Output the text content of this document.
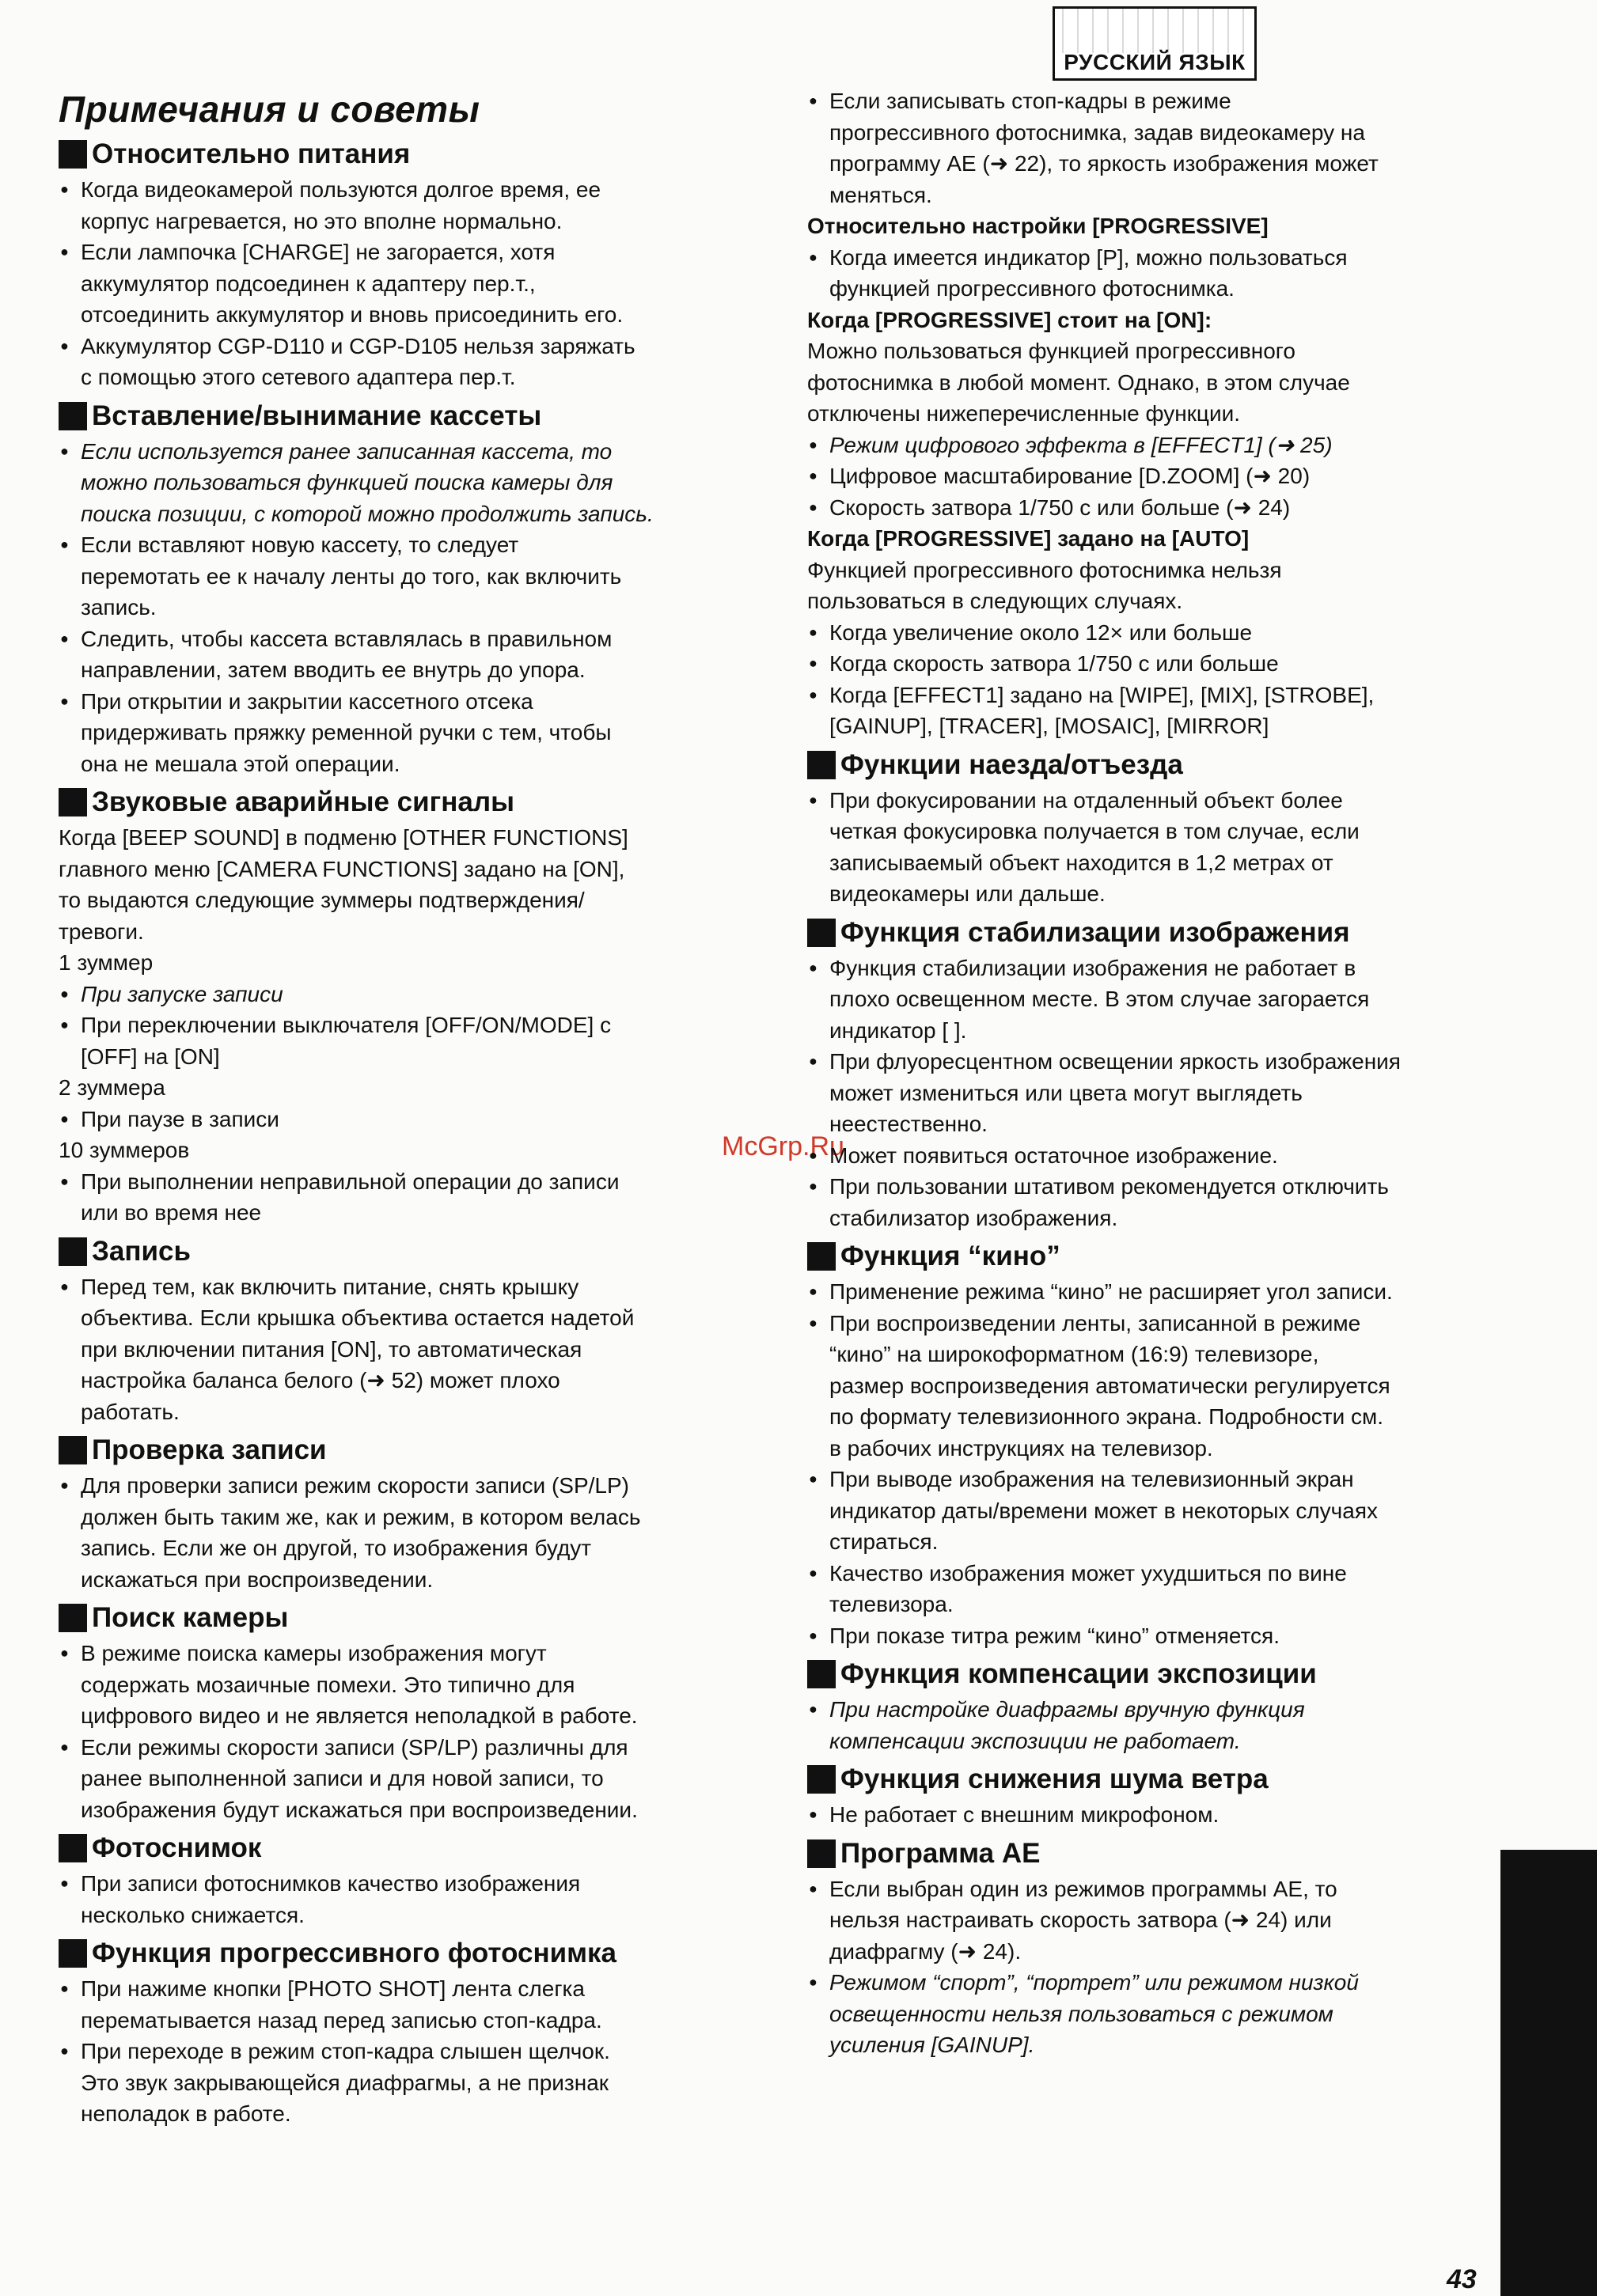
РУССКИЙ ЯЗЫК
McGrp.Ru
Примечания и советы
Относительно питания
● Когда видеокамерой пользуются долгое время, ее
корпус нагревается, но это вполне нормально.
● Если лампочка [CHARGE] не загорается, хотя
аккумулятор подсоединен к адаптеру пер.т.,
отсоединить аккумулятор и вновь присоединить его.
● Аккумулятор CGP-D110 и CGP-D105 нельзя заряжать
с помощью этого сетевого адаптера пер.т.
Вставление/вынимание кассеты
● Если используется ранее записанная кассета, то
можно пользоваться функцией поиска камеры для
поиска позиции, с которой можно продолжить запись.
● Если вставляют новую кассету, то следует
перемотать ее к началу ленты до того, как включить
запись.
● Следить, чтобы кассета вставлялась в правильном
направлении, затем вводить ее внутрь до упора.
● При открытии и закрытии кассетного отсека
придерживать пряжку ременной ручки с тем, чтобы
она не мешала этой операции.
Звуковые аварийные сигналы

Когда [BEEP SOUND] в подменю [OTHER FUNCTIONS]
главного меню [CAMERA FUNCTIONS] задано на [ON],
то выдаются следующие зуммеры подтверждения/
тревоги.

1 зуммер

● При запуске записи
● При переключении выключателя [OFF/ON/MODE] с
[OFF] на [ON]

2 зуммера

● При паузе в записи

10 зуммеров

● При выполнении неправильной операции до записи
или во время нее
Запись
● Перед тем, как включить питание, снять крышку
объектива. Если крышка объектива остается надетой
при включении питания [ON], то автоматическая
настройка баланса белого (➜ 52) может плохо
работать.
Проверка записи
● Для проверки записи режим скорости записи (SP/LP)
должен быть таким же, как и режим, в котором велась
запись. Если же он другой, то изображения будут
искажаться при воспроизведении.
Поиск камеры
● В режиме поиска камеры изображения могут
содержать мозаичные помехи. Это типично для
цифрового видео и не является неполадкой в работе.
● Если режимы скорости записи (SP/LP) различны для
ранее выполненной записи и для новой записи, то
изображения будут искажаться при воспроизведении.
Фотоснимок
● При записи фотоснимков качество изображения
несколько снижается.
Функция прогрессивного фотоснимка
● При нажимe кнопки [PHOTO SHOT] лента слегка
перематывается назад перед записью стоп-кадра.
● При переходе в режим стоп-кадра слышен щелчок.
Это звук закрывающейся диафрагмы, а не признак
неполадок в работе.
● Если записывать стоп-кадры в режиме
прогрессивного фотоснимка, задав видеокамеру на
программу AE (➜ 22), то яркость изображения может
меняться.

Относительно настройки [PROGRESSIVE]

● Когда имеется индикатор [P], можно пользоваться
функцией прогрессивного фотоснимка.

Когда [PROGRESSIVE] стоит на [ON]:

Можно пользоваться функцией прогрессивного
фотоснимка в любой момент. Однако, в этом случае
отключены нижеперечисленные функции.

● Режим цифрового эффекта в [EFFECT1] (➜ 25)
● Цифровое масштабирование [D.ZOOM] (➜ 20)
● Скорость затвора 1/750 с или больше (➜ 24)

Когда [PROGRESSIVE] задано на [AUTO]

Функцией прогрессивного фотоснимка нельзя
пользоваться в следующих случаях.

● Когда увеличение около 12× или больше
● Когда скорость затвора 1/750 с или больше
● Когда [EFFECT1] задано на [WIPE], [MIX], [STROBE],
[GAINUP], [TRACER], [MOSAIC], [MIRROR]
Функции наезда/отъезда
● При фокусировании на отдаленный объект более
четкая фокусировка получается в том случае, если
записываемый объект находится в 1,2 метрах от
видеокамеры или дальше.
Функция стабилизации изображения
● Функция стабилизации изображения не работает в
плохо освещенном месте. В этом случае загорается
индикатор [ ].
● При флуоресцентном освещении яркость изображения
может измениться или цвета могут выглядеть
неестественно.
● Может появиться остаточное изображение.
● При пользовании штативом рекомендуется отключить
стабилизатор изображения.
Функция “кино”
● Применение режима “кино” не расширяет угол записи.
● При воспроизведении ленты, записанной в режиме
“кино” на широкоформатном (16:9) телевизоре,
размер воспроизведения автоматически регулируется
по формату телевизионного экрана. Подробности см.
в рабочих инструкциях на телевизор.
● При выводе изображения на телевизионный экран
индикатор даты/времени может в некоторых случаях
стираться.
● Качество изображения может ухудшиться по вине
телевизора.
● При показе титра режим “кино” отменяется.
Функция компенсации экспозиции
● При настройке диафрагмы вручную функция
компенсации экспозиции не работает.
Функция снижения шума ветра
● Не работает с внешним микрофоном.
Программа AE
● Если выбран один из режимов программы AE, то
нельзя настраивать скорость затвора (➜ 24) или
диафрагму (➜ 24).
● Режимом “спорт”, “портрет” или режимом низкой
освещенности нельзя пользоваться с режимом
усиления [GAINUP].
43
